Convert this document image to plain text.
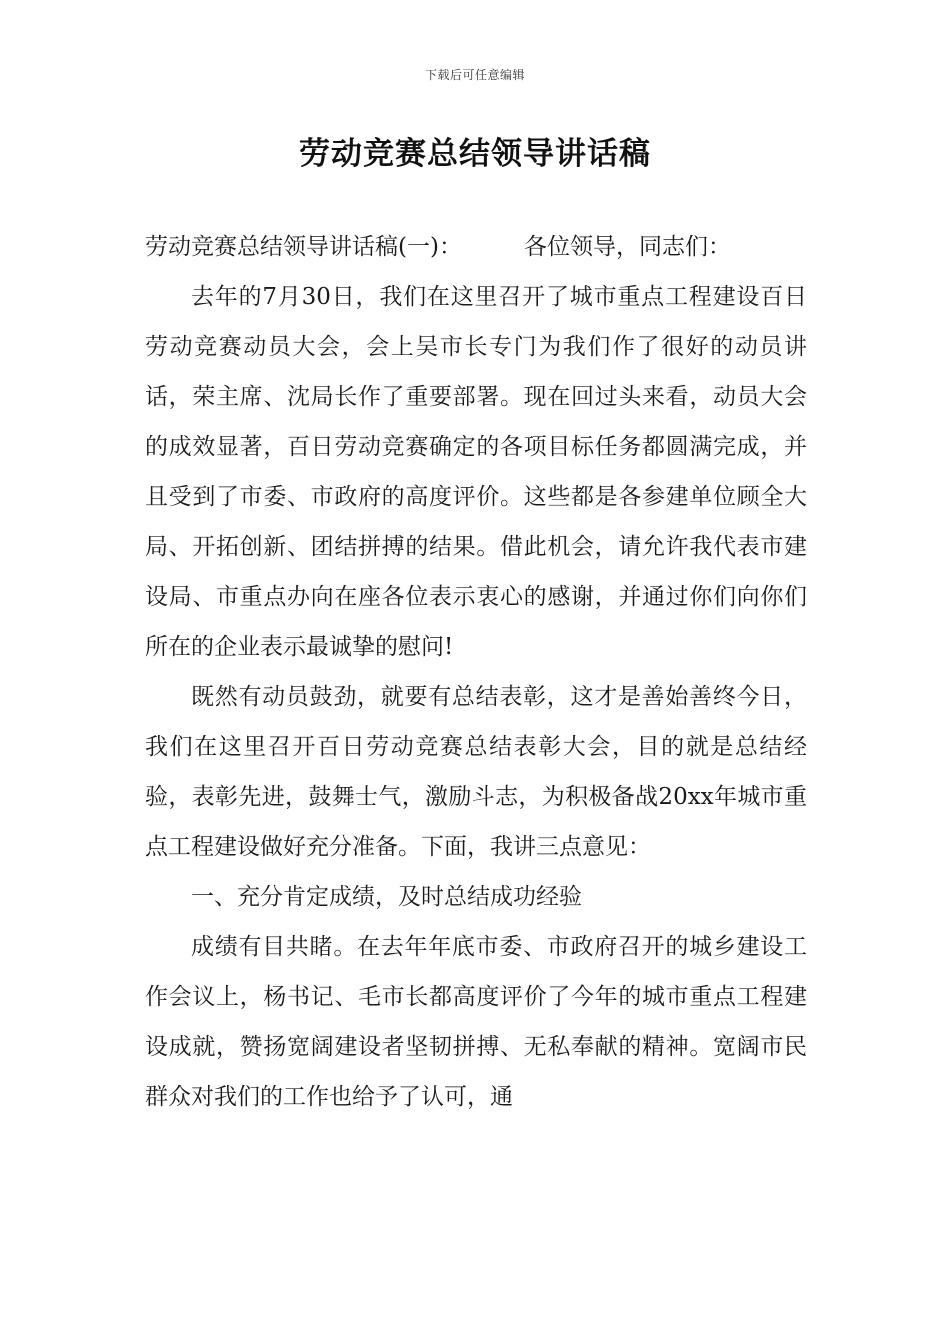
下载后可任意编辑
劳动竞赛总结领导讲话稿

劳动竞赛总结领导讲话稿(一)：	各位领导，同志们：

去年的7月30日，我们在这里召开了城市重点工程建设百日劳动竞赛动员大会，会上吴市长专门为我们作了很好的动员讲话，荣主席、沈局长作了重要部署。现在回过头来看，动员大会的成效显著，百日劳动竞赛确定的各项目标任务都圆满完成，并且受到了市委、市政府的高度评价。这些都是各参建单位顾全大局、开拓创新、团结拼搏的结果。借此机会，请允许我代表市建设局、市重点办向在座各位表示衷心的感谢，并通过你们向你们所在的企业表示最诚挚的慰问!

既然有动员鼓劲，就要有总结表彰，这才是善始善终今日，我们在这里召开百日劳动竞赛总结表彰大会，目的就是总结经验，表彰先进，鼓舞士气，激励斗志，为积极备战20xx年城市重点工程建设做好充分准备。下面，我讲三点意见：

一、充分肯定成绩，及时总结成功经验

成绩有目共睹。在去年年底市委、市政府召开的城乡建设工作会议上，杨书记、毛市长都高度评价了今年的城市重点工程建设成就，赞扬宽阔建设者坚韧拼搏、无私奉献的精神。宽阔市民群众对我们的工作也给予了认可，通
